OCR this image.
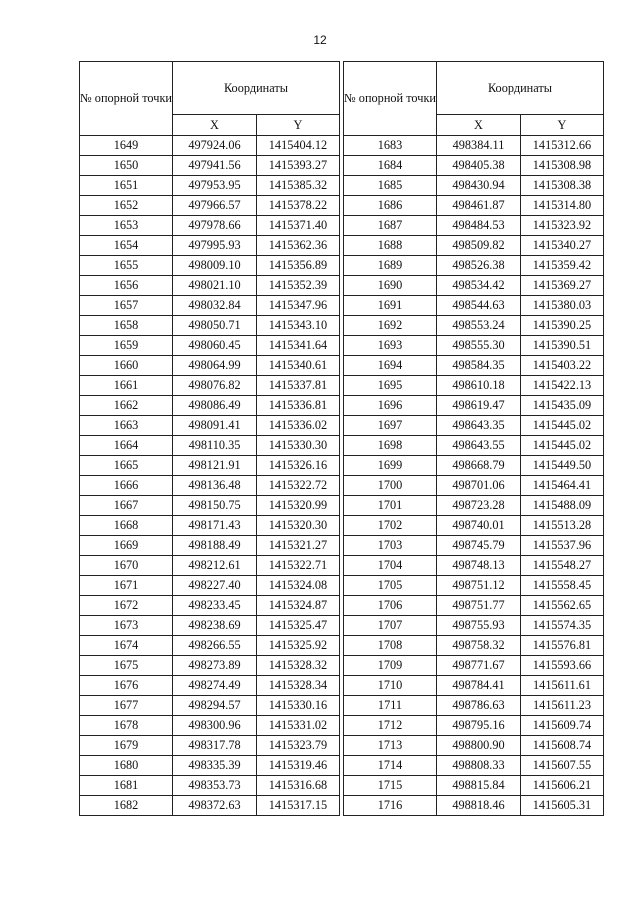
12
№ опорной точки	Координаты	
	X	Y
1649	497924.06	1415404.12
1650	497941.56	1415393.27
1651	497953.95	1415385.32
1652	497966.57	1415378.22
1653	497978.66	1415371.40
1654	497995.93	1415362.36
1655	498009.10	1415356.89
1656	498021.10	1415352.39
1657	498032.84	1415347.96
1658	498050.71	1415343.10
1659	498060.45	1415341.64
1660	498064.99	1415340.61
1661	498076.82	1415337.81
1662	498086.49	1415336.81
1663	498091.41	1415336.02
1664	498110.35	1415330.30
1665	498121.91	1415326.16
1666	498136.48	1415322.72
1667	498150.75	1415320.99
1668	498171.43	1415320.30
1669	498188.49	1415321.27
1670	498212.61	1415322.71
1671	498227.40	1415324.08
1672	498233.45	1415324.87
1673	498238.69	1415325.47
1674	498266.55	1415325.92
1675	498273.89	1415328.32
1676	498274.49	1415328.34
1677	498294.57	1415330.16
1678	498300.96	1415331.02
1679	498317.78	1415323.79
1680	498335.39	1415319.46
1681	498353.73	1415316.68
1682	498372.63	1415317.15
№ опорной точки	Координаты	
	X	Y
1683	498384.11	1415312.66
1684	498405.38	1415308.98
1685	498430.94	1415308.38
1686	498461.87	1415314.80
1687	498484.53	1415323.92
1688	498509.82	1415340.27
1689	498526.38	1415359.42
1690	498534.42	1415369.27
1691	498544.63	1415380.03
1692	498553.24	1415390.25
1693	498555.30	1415390.51
1694	498584.35	1415403.22
1695	498610.18	1415422.13
1696	498619.47	1415435.09
1697	498643.35	1415445.02
1698	498643.55	1415445.02
1699	498668.79	1415449.50
1700	498701.06	1415464.41
1701	498723.28	1415488.09
1702	498740.01	1415513.28
1703	498745.79	1415537.96
1704	498748.13	1415548.27
1705	498751.12	1415558.45
1706	498751.77	1415562.65
1707	498755.93	1415574.35
1708	498758.32	1415576.81
1709	498771.67	1415593.66
1710	498784.41	1415611.61
1711	498786.63	1415611.23
1712	498795.16	1415609.74
1713	498800.90	1415608.74
1714	498808.33	1415607.55
1715	498815.84	1415606.21
1716	498818.46	1415605.31
